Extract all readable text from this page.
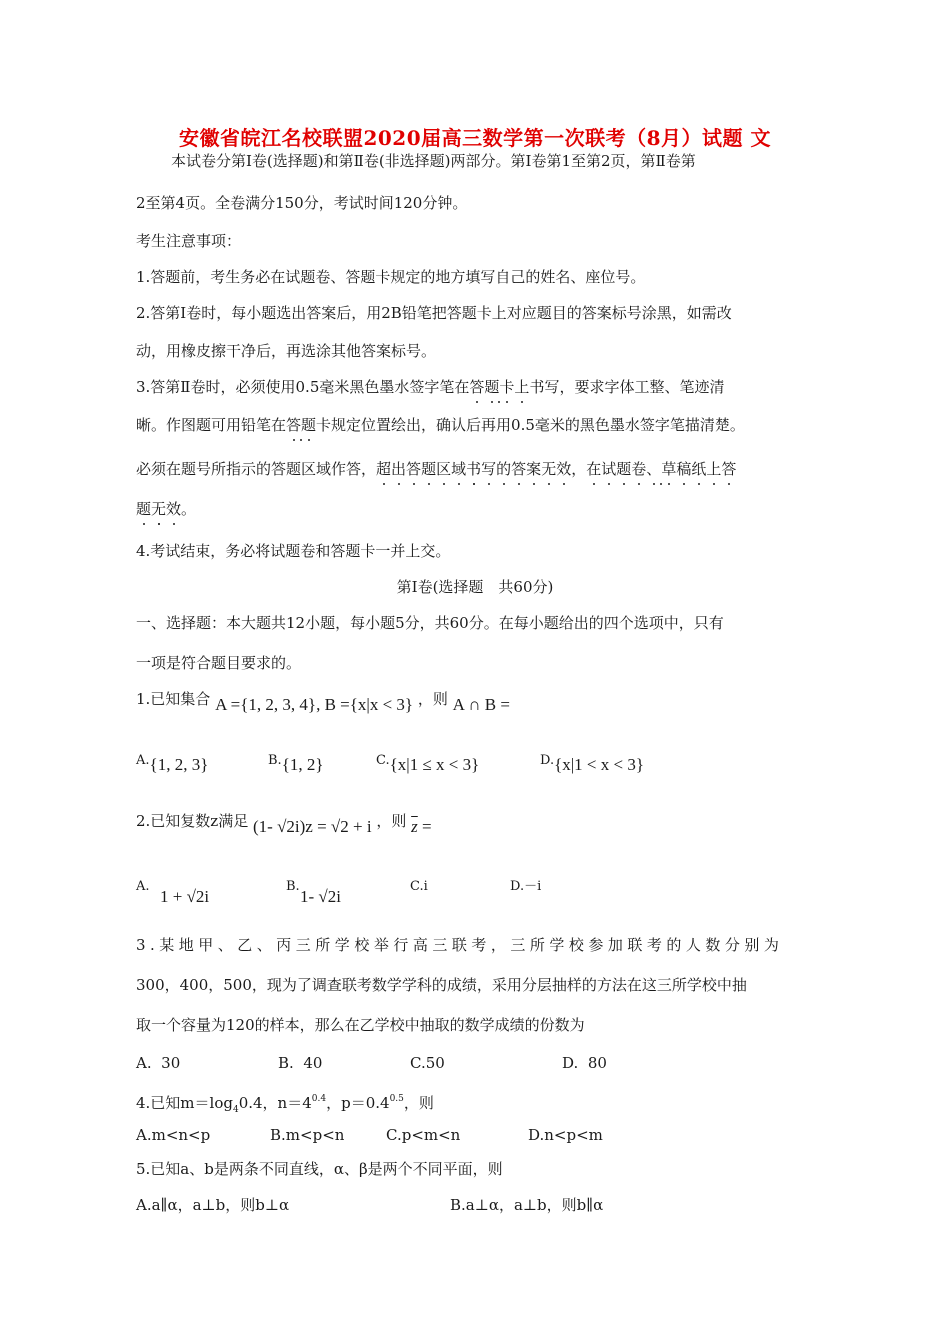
安徽省皖江名校联盟2020届高三数学第一次联考（8月）试题 文
本试卷分第Ⅰ卷(选择题)和第Ⅱ卷(非选择题)两部分。第Ⅰ卷第1至第2页，第Ⅱ卷第
2至第4页。全卷满分150分，考试时间120分钟。
考生注意事项：
1.答题前，考生务必在试题卷、答题卡规定的地方填写自己的姓名、座位号。
2.答第Ⅰ卷时，每小题选出答案后，用2B铅笔把答题卡上对应题目的答案标号涂黑，如需改
动，用橡皮擦干净后，再选涂其他答案标号。
3.答第Ⅱ卷时，必须使用0.5毫米黑色墨水签字笔在答题卡上书写，要求字体工整、笔迹清
晰。作图题可用铅笔在答题卡规定位置绘出，确认后再用0.5毫米的黑色墨水签字笔描清楚。
必须在题号所指示的答题区域作答，超出答题区域书写的答案无效，在试题卷、草稿纸上答
题无效。
4.考试结束，务必将试题卷和答题卡一并上交。
第Ⅰ卷(选择题　共60分)
一、选择题：本大题共12小题，每小题5分，共60分。在每小题给出的四个选项中，只有
一项是符合题目要求的。
1.已知集合 A ={1, 2, 3, 4}, B ={x|x < 3} ，则 A ∩ B =
A.{1, 2, 3}	B.{1, 2}	C.{x|1 ≤ x < 3}	D.{x|1 < x < 3}
2.已知复数z满足 (1- √2i)z = √2 + i ，则 $\overline{z}$ =
A.
1 + √2i
B.
1- √2i
C.i	D.－i
3.某地甲、乙、丙三所学校举行高三联考，三所学校参加联考的人数分别为
300，400，500，现为了调查联考数学学科的成绩，采用分层抽样的方法在这三所学校中抽
取一个容量为120的样本，那么在乙学校中抽取的数学成绩的份数为
A. 30	B. 40	C.50	D. 80
4.已知$m=\log_40.4$，$n=4^{0.4}$，$p=0.4^{0.5}$，则
A.m<n<p	B.m<p<n	C.p<m<n	D.n<p<m
5.已知a、b是两条不同直线，α、β是两个不同平面，则
A.a∥α，a⊥b，则b⊥α	B.a⊥α，a⊥b，则b∥α
